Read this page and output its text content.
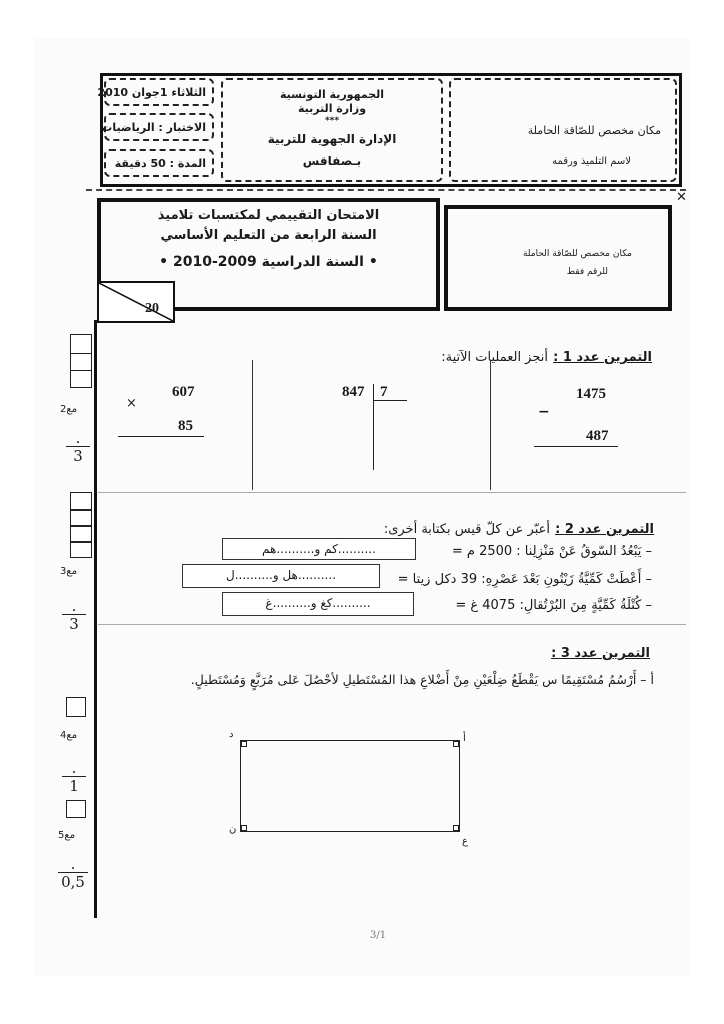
الثلاثاء 1جوان 2010
الاختبار : الرياضيات
المدة : 50 دقيقة
الجمهورية التونسية
وزارة التربية
***
الإدارة الجهوية للتربية
بـصفاقس
مكان مخصص للصّاقة الحاملة
لاسم التلميذ ورقمه
✕
الامتحان التقييمي لمكتسبات تلاميذ
السنة الرابعة من التعليم الأساسي
• السنة الدراسية 2009-2010 •	مكان مخصص للصّاقة الحاملة
للرقم فقط
20
مع2
.
3
مع3
.
3
مع4
.
1
مع5
.
0,5
التمرين عدد 1 : أنجز العمليات الآتية:
607
×
85
847 7	1475
−
487
التمرين عدد 2 : أعبّر عن كلّ قيس بكتابة أخرى:
– يَبْعُدُ السّوقُ عَنْ مَنْزِلِنا : 2500 م =
..........كم و..........هم
– أَعْطَتْ كَمِّيَّةُ زَيْتُونِ بَعْدَ عَصْرِهِ: 39 دكل زيتا =
..........هل و..........ل
– كُتْلَةُ كَمِّيَّةٍ مِنَ البُرْتُقالِ: 4075 غ =
..........كغ و..........غ
التمرين عدد 3 :
أ – أَرْسُمُ مُسْتَقِيمًا س يَقْطَعُ ضِلْعَيْنِ مِنْ أَضْلاعِ هذا المُسْتَطيلِ لأحْصُلَ عَلى مُرَبَّعٍ وَمُسْتَطيلٍ.
د	أ
ن
ع
3/1
